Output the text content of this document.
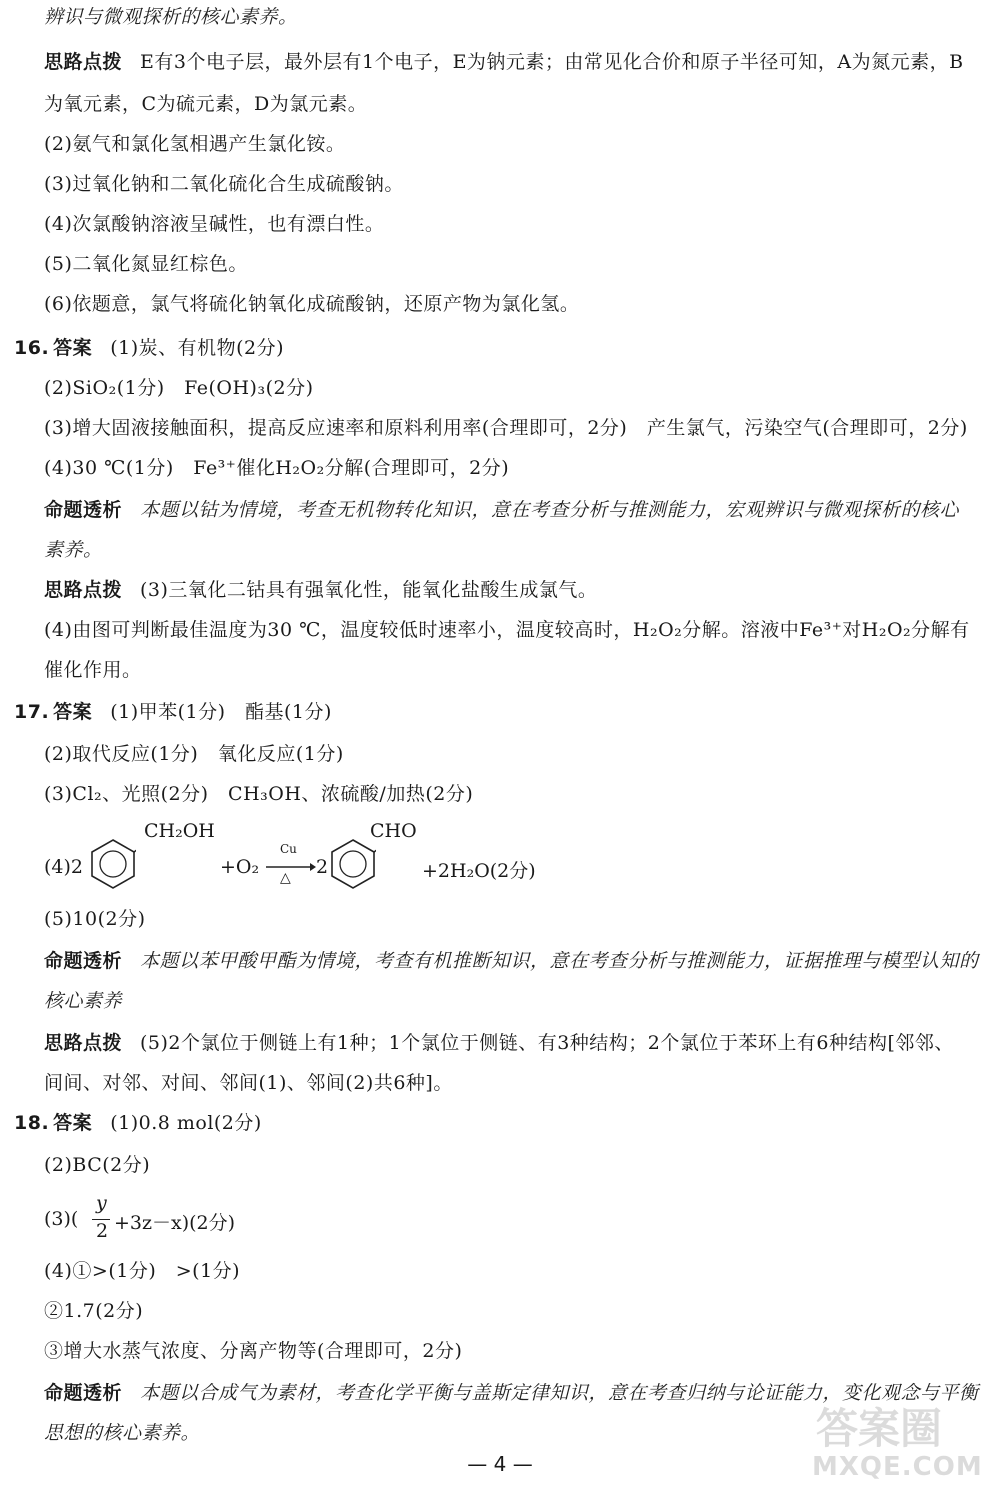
辨识与微观探析的核心素养。
思路点拨 E有3个电子层，最外层有1个电子，E为钠元素；由常见化合价和原子半径可知，A为氮元素，B
为氧元素，C为硫元素，D为氯元素。
(2)氨气和氯化氢相遇产生氯化铵。
(3)过氧化钠和二氧化硫化合生成硫酸钠。
(4)次氯酸钠溶液呈碱性，也有漂白性。
(5)二氧化氮显红棕色。
(6)依题意，氯气将硫化钠氧化成硫酸钠，还原产物为氯化氢。
16. 答案 (1)炭、有机物(2分)
(2)SiO₂(1分)　Fe(OH)₃(2分)
(3)增大固液接触面积，提高反应速率和原料利用率(合理即可，2分)　产生氯气，污染空气(合理即可，2分)
(4)30 ℃(1分)　Fe³⁺催化H₂O₂分解(合理即可，2分)
命题透析 本题以钴为情境，考查无机物转化知识，意在考查分析与推测能力，宏观辨识与微观探析的核心
素养。
思路点拨 (3)三氧化二钴具有强氧化性，能氧化盐酸生成氯气。
(4)由图可判断最佳温度为30 ℃，温度较低时速率小，温度较高时，H₂O₂分解。溶液中Fe³⁺对H₂O₂分解有
催化作用。
17. 答案 (1)甲苯(1分)　酯基(1分)
(2)取代反应(1分)　氧化反应(1分)
(3)Cl₂、光照(2分)　CH₃OH、浓硫酸/加热(2分)
(5)10(2分)
命题透析 本题以苯甲酸甲酯为情境，考查有机推断知识，意在考查分析与推测能力，证据推理与模型认知的
核心素养
思路点拨 (5)2个氯位于侧链上有1种；1个氯位于侧链、有3种结构；2个氯位于苯环上有6种结构[邻邻、
间间、对邻、对间、邻间(1)、邻间(2)共6种]。
18. 答案 (1)0.8 mol(2分)
(2)BC(2分)
(4)①>(1分)　>(1分)
②1.7(2分)
③增大水蒸气浓度、分离产物等(合理即可，2分)
命题透析 本题以合成气为素材，考查化学平衡与盖斯定律知识，意在考查归纳与论证能力，变化观念与平衡
思想的核心素养。
(4)2
CH₂OH
+O₂
Cu
△ 2
CHO
+2H₂O(2分)
(3)(
y
2 +3z－x)(2分)
— 4 —
答案圈
MXQE.COM
